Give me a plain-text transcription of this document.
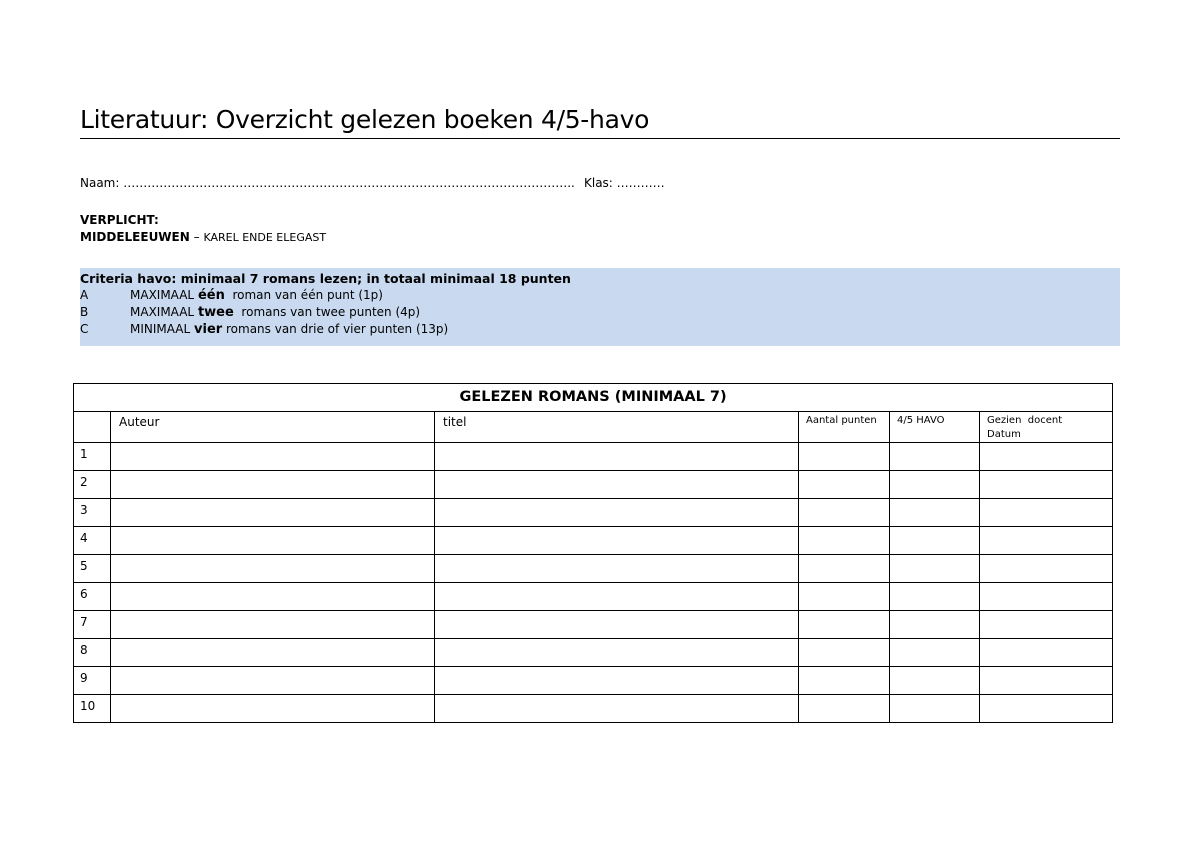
Literatuur: Overzicht gelezen boeken 4/5-havo
Naam: ………………………………………………………………………………………………….. Klas: …………
VERPLICHT:
MIDDELEEUWEN – KAREL ENDE ELEGAST
Criteria havo: minimaal 7 romans lezen; in totaal minimaal 18 punten
A	MAXIMAAL één  roman van één punt (1p)
B	MAXIMAAL twee  romans van twee punten (4p)
C	MINIMAAL vier romans van drie of vier punten (13p)
GELEZEN ROMANS (MINIMAAL 7)					

	Auteur	titel	Aantal punten	4/5 HAVO	Gezien  docent
Datum

1					

2					

3					

4					

5					

6					

7					

8					

9					

10					
